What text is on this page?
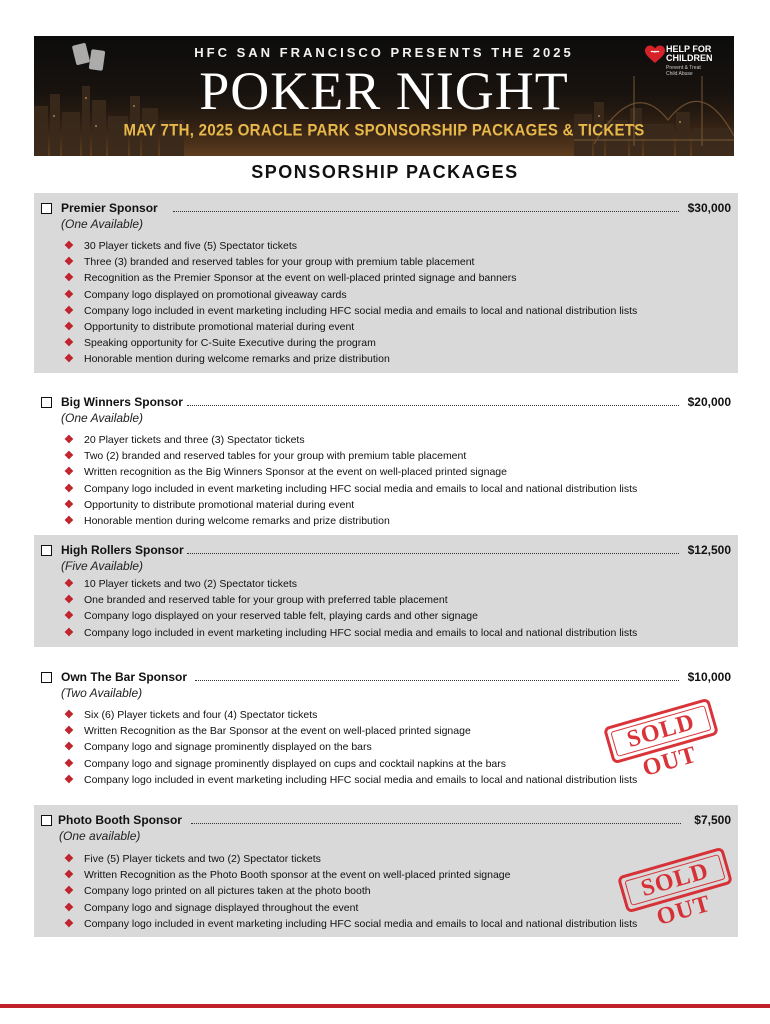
HFC SAN FRANCISCO PRESENTS THE 2025
POKER NIGHT
MAY 7TH, 2025 ORACLE PARK SPONSORSHIP PACKAGES & TICKETS
HELP FOR
CHILDREN
Prevent & Treat Child Abuse
SPONSORSHIP PACKAGES
Premier Sponsor	$30,000
(One Available)
❖ 30 Player tickets and five (5) Spectator tickets
❖ Three (3) branded and reserved tables for your group with premium table placement
❖ Recognition as the Premier Sponsor at the event on well-placed printed signage and banners
❖ Company logo displayed on promotional giveaway cards
❖ Company logo included in event marketing including HFC social media and emails to local and national distribution lists
❖ Opportunity to distribute promotional material during event
❖ Speaking opportunity for C-Suite Executive during the program
❖ Honorable mention during welcome remarks and prize distribution
Big Winners Sponsor	$20,000
(One Available)
❖ 20 Player tickets and three (3) Spectator tickets
❖ Two (2) branded and reserved tables for your group with premium table placement
❖ Written recognition as the Big Winners Sponsor at the event on well-placed printed signage
❖ Company logo included in event marketing including HFC social media and emails to local and national distribution lists
❖ Opportunity to distribute promotional material during event
❖ Honorable mention during welcome remarks and prize distribution
High Rollers Sponsor	$12,500
(Five Available)
❖ 10 Player tickets and two (2) Spectator tickets
❖ One branded and reserved table for your group with preferred table placement
❖ Company logo displayed on your reserved table felt, playing cards and other signage
❖ Company logo included in event marketing including HFC social media and emails to local and national distribution lists
Own The Bar Sponsor	$10,000
(Two Available)
❖ Six (6) Player tickets and four (4) Spectator tickets
❖ Written Recognition as the Bar Sponsor at the event on well-placed printed signage
❖ Company logo and signage prominently displayed on the bars
❖ Company logo and signage prominently displayed on cups and cocktail napkins at the bars
❖ Company logo included in event marketing including HFC social media and emails to local and national distribution lists
SOLD OUT
Photo Booth Sponsor	$7,500
(One available)
❖ Five (5) Player tickets and two (2) Spectator tickets
❖ Written Recognition as the Photo Booth sponsor at the event on well-placed printed signage
❖ Company logo printed on all pictures taken at the photo booth
❖ Company logo and signage displayed throughout the event
❖ Company logo included in event marketing including HFC social media and emails to local and national distribution lists
SOLD OUT
